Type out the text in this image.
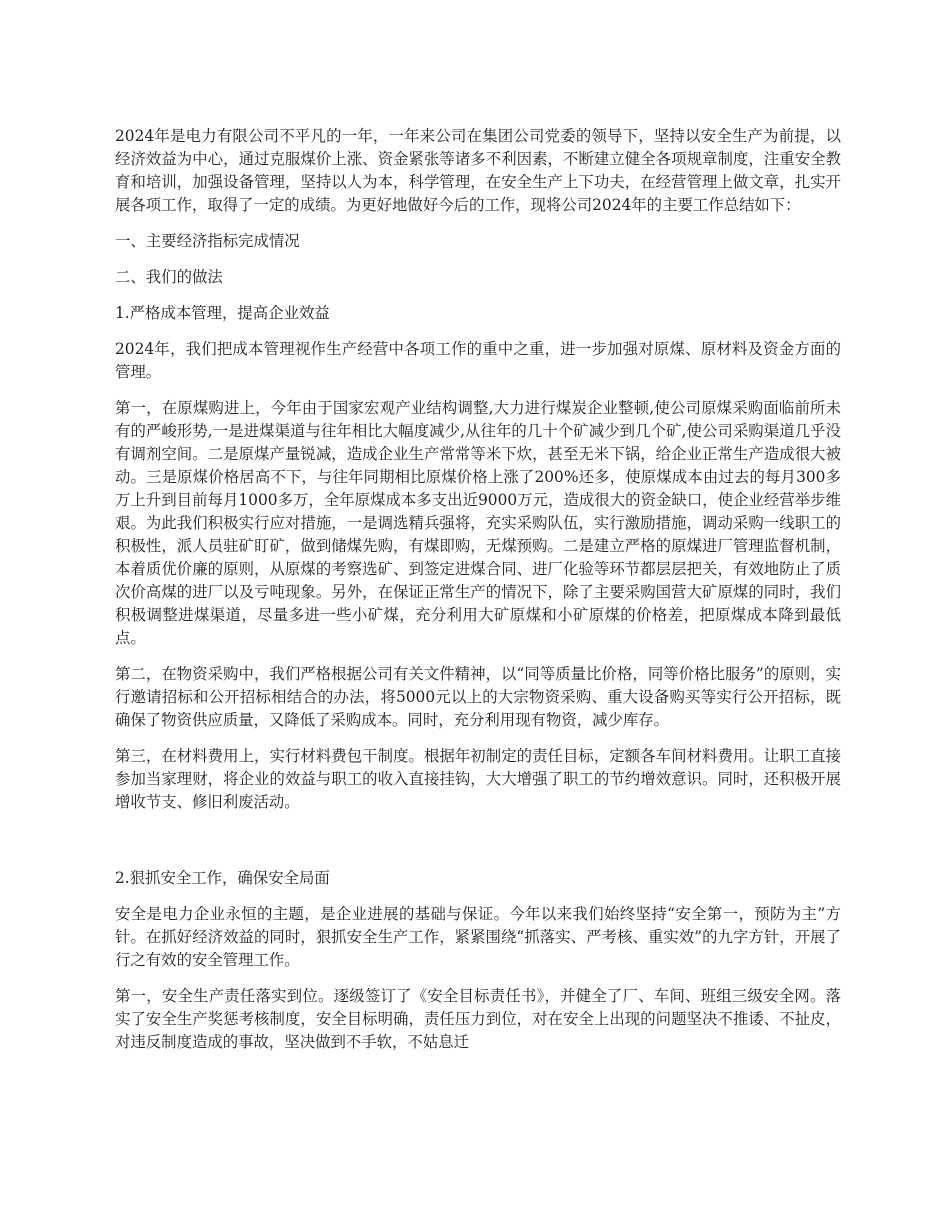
2024年是电力有限公司不平凡的一年，一年来公司在集团公司党委的领导下，坚持以安全生产为前提，以经济效益为中心，通过克服煤价上涨、资金紧张等诸多不利因素，不断建立健全各项规章制度，注重安全教育和培训，加强设备管理，坚持以人为本，科学管理，在安全生产上下功夫，在经营管理上做文章，扎实开展各项工作，取得了一定的成绩。为更好地做好今后的工作，现将公司2024年的主要工作总结如下：

一、主要经济指标完成情况

二、我们的做法

1.严格成本管理，提高企业效益

2024年，我们把成本管理视作生产经营中各项工作的重中之重，进一步加强对原煤、原材料及资金方面的管理。

第一，在原煤购进上，今年由于国家宏观产业结构调整,大力进行煤炭企业整顿,使公司原煤采购面临前所未有的严峻形势,一是进煤渠道与往年相比大幅度减少,从往年的几十个矿减少到几个矿,使公司采购渠道几乎没有调剂空间。二是原煤产量锐减，造成企业生产常常等米下炊，甚至无米下锅，给企业正常生产造成很大被动。三是原煤价格居高不下，与往年同期相比原煤价格上涨了200%还多，使原煤成本由过去的每月300多万上升到目前每月1000多万，全年原煤成本多支出近9000万元，造成很大的资金缺口，使企业经营举步维艰。为此我们积极实行应对措施，一是调选精兵强将，充实采购队伍，实行激励措施，调动采购一线职工的积极性，派人员驻矿盯矿，做到储煤先购，有煤即购，无煤预购。二是建立严格的原煤进厂管理监督机制，本着质优价廉的原则，从原煤的考察选矿、到签定进煤合同、进厂化验等环节都层层把关，有效地防止了质次价高煤的进厂以及亏吨现象。另外，在保证正常生产的情况下，除了主要采购国营大矿原煤的同时，我们积极调整进煤渠道，尽量多进一些小矿煤，充分利用大矿原煤和小矿原煤的价格差，把原煤成本降到最低点。

第二，在物资采购中，我们严格根据公司有关文件精神，以“同等质量比价格，同等价格比服务”的原则，实行邀请招标和公开招标相结合的办法，将5000元以上的大宗物资采购、重大设备购买等实行公开招标，既确保了物资供应质量，又降低了采购成本。同时，充分利用现有物资，减少库存。

第三，在材料费用上，实行材料费包干制度。根据年初制定的责任目标，定额各车间材料费用。让职工直接参加当家理财，将企业的效益与职工的收入直接挂钩，大大增强了职工的节约增效意识。同时，还积极开展增收节支、修旧利废活动。

2.狠抓安全工作，确保安全局面

安全是电力企业永恒的主题，是企业进展的基础与保证。今年以来我们始终坚持“安全第一，预防为主”方针。在抓好经济效益的同时，狠抓安全生产工作，紧紧围绕“抓落实、严考核、重实效”的九字方针，开展了行之有效的安全管理工作。

第一，安全生产责任落实到位。逐级签订了《安全目标责任书》，并健全了厂、车间、班组三级安全网。落实了安全生产奖惩考核制度，安全目标明确，责任压力到位，对在安全上出现的问题坚决不推诿、不扯皮，对违反制度造成的事故，坚决做到不手软，不姑息迁
